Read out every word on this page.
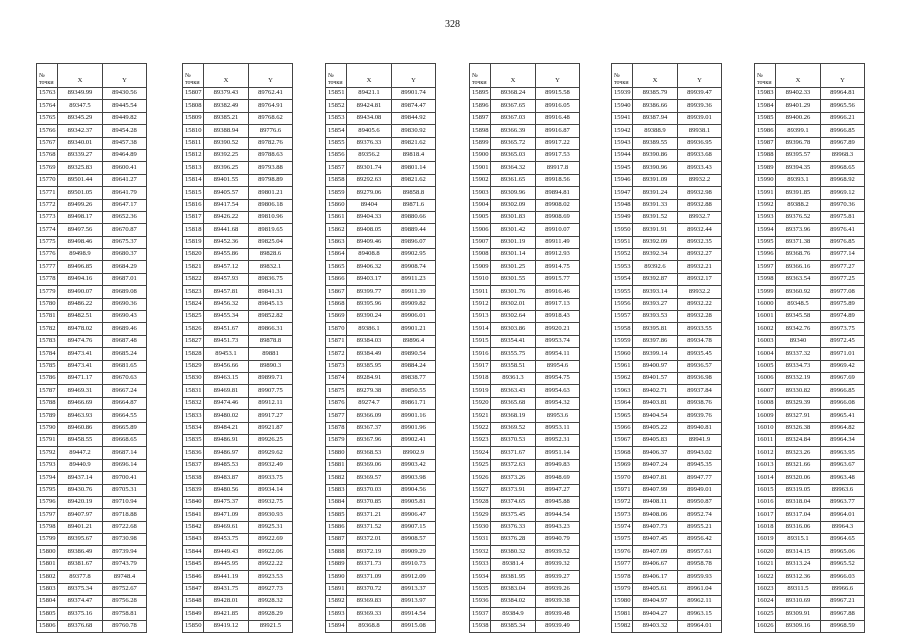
328
№
точки	X	Y

15763	89349.99	89430.56
15764	89347.5	89445.54
15765	89345.29	89449.82
15766	89342.37	89454.28
15767	89340.01	89457.38
15768	89339.27	89464.89
15769	89325.83	89600.41
15770	89501.44	89641.27
15771	89501.05	89641.79
15772	89499.26	89647.17
15773	89498.17	89652.36
15774	89497.56	89670.87
15775	89498.46	89675.37
15776	89498.9	89680.37
15777	89496.85	89684.29
15778	89494.16	89687.01
15779	89490.07	89689.08
15780	89486.22	89690.36
15781	89482.51	89690.43
15782	89478.02	89689.46
15783	89474.76	89687.48
15784	89473.41	89685.24
15785	89473.41	89681.65
15786	89471.17	89670.63
15787	89469.31	89667.24
15788	89466.69	89664.87
15789	89463.93	89664.55
15790	89460.86	89665.89
15791	89458.55	89668.65
15792	89447.2	89687.14
15793	89440.9	89696.14
15794	89437.14	89700.41
15795	89430.76	89705.31
15796	89420.19	89710.94
15797	89407.97	89718.88
15798	89401.21	89722.68
15799	89395.67	89730.98
15800	89386.49	89739.94
15801	89381.67	89743.79
15802	89377.8	89748.4
15803	89375.34	89752.67
15804	89374.47	89756.28
15805	89375.16	89758.81
15806	89376.68	89760.78
№
точки	X	Y

15807	89379.43	89762.41
15808	89382.49	89764.91
15809	89385.21	89768.62
15810	89388.94	89776.6
15811	89390.52	89782.76
15812	89392.25	89788.63
15813	89396.25	89793.88
15814	89401.55	89798.89
15815	89405.57	89801.21
15816	89417.54	89806.18
15817	89426.22	89810.96
15818	89441.68	89819.65
15819	89452.36	89825.04
15820	89455.86	89828.6
15821	89457.12	89832.1
15822	89457.93	89836.75
15823	89457.81	89841.31
15824	89456.32	89845.13
15825	89455.34	89852.82
15826	89451.67	89866.31
15827	89451.73	89878.8
15828	89453.1	89881
15829	89456.66	89890.3
15830	89463.15	89899.71
15831	89469.81	89907.75
15832	89474.46	89912.11
15833	89480.02	89917.27
15834	89484.21	89921.87
15835	89486.91	89926.25
15836	89486.97	89929.62
15837	89485.53	89932.49
15838	89483.87	89933.75
15839	89480.56	89934.14
15840	89475.37	89932.75
15841	89471.09	89930.93
15842	89469.61	89925.31
15843	89453.75	89922.69
15844	89449.43	89922.06
15845	89445.95	89922.22
15846	89441.19	89923.53
15847	89431.75	89927.73
15848	89428.01	89928.32
15849	89421.85	89928.29
15850	89419.12	89921.5
№
точки	X	Y

15851	89421.1	89901.74
15852	89424.81	89874.47
15853	89434.08	89844.92
15854	89405.6	89830.92
15855	89376.33	89821.62
15856	89356.2	89818.4
15857	89301.74	89801.14
15858	89292.63	89821.62
15859	89279.06	89858.8
15860	89404	89871.6
15861	89404.33	89880.66
15862	89408.05	89889.44
15863	89409.46	89896.07
15864	89408.8	89902.95
15865	89406.32	89908.74
15866	89403.17	89911.23
15867	89399.77	89911.39
15868	89395.96	89909.82
15869	89390.24	89906.01
15870	89386.1	89901.21
15871	89384.03	89896.4
15872	89384.49	89890.54
15873	89385.95	89884.24
15874	89284.91	89838.77
15875	89279.38	89850.55
15876	89274.7	89861.71
15877	89366.09	89901.16
15878	89367.37	89901.96
15879	89367.96	89902.41
15880	89368.53	89902.9
15881	89369.06	89903.42
15882	89369.57	89903.98
15883	89370.03	89904.56
15884	89370.85	89905.81
15885	89371.21	89906.47
15886	89371.52	89907.15
15887	89372.01	89908.57
15888	89372.19	89909.29
15889	89371.73	89910.73
15890	89371.09	89912.09
15891	89370.72	89913.37
15892	89369.83	89913.97
15893	89369.33	89914.54
15894	89368.8	89915.08
№
точки	X	Y

15895	89368.24	89915.58
15896	89367.65	89916.05
15897	89367.03	89916.48
15898	89366.39	89916.87
15899	89365.72	89917.22
15900	89365.03	89917.53
15901	89364.32	89917.8
15902	89361.65	89918.56
15903	89309.96	89894.81
15904	89302.09	89908.02
15905	89301.83	89908.69
15906	89301.42	89910.07
15907	89301.19	89911.49
15908	89301.14	89912.93
15909	89301.25	89914.75
15910	89301.55	89915.77
15911	89301.76	89916.46
15912	89302.01	89917.13
15913	89302.64	89918.43
15914	89303.86	89920.21
15915	89354.41	89953.74
15916	89355.75	89954.11
15917	89358.51	89954.6
15918	89361.3	89954.75
15919	89363.43	89954.63
15920	89365.68	89954.32
15921	89368.19	89953.6
15922	89369.52	89953.11
15923	89370.53	89952.31
15924	89371.67	89951.14
15925	89372.63	89949.83
15926	89373.26	89948.69
15927	89373.91	89947.27
15928	89374.65	89945.88
15929	89375.45	89944.54
15930	89376.33	89943.23
15931	89376.28	89940.79
15932	89380.32	89939.52
15933	89381.4	89939.32
15934	89381.95	89939.27
15935	89383.04	89939.26
15936	89384.02	89939.38
15937	89384.9	89939.48
15938	89385.34	89939.49
№
точки	X	Y

15939	89385.79	89939.47
15940	89386.66	89939.36
15941	89387.94	89939.01
15942	89388.9	89938.1
15943	89389.55	89936.95
15944	89390.86	89933.68
15945	89390.96	89933.43
15946	89391.09	89932.2
15947	89391.24	89932.98
15948	89391.33	89932.88
15949	89391.52	89932.7
15950	89391.91	89932.44
15951	89392.09	89932.35
15952	89392.34	89932.27
15953	89392.6	89932.21
15954	89392.87	89932.17
15955	89393.14	89932.2
15956	89393.27	89932.22
15957	89393.53	89932.28
15958	89395.81	89933.55
15959	89397.86	89934.78
15960	89399.14	89935.45
15961	89400.97	89936.57
15962	89401.57	89936.98
15963	89402.71	89937.84
15964	89403.81	89938.76
15965	89404.54	89939.76
15966	89405.22	89940.81
15967	89405.83	89941.9
15968	89406.37	89943.02
15969	89407.24	89945.35
15970	89407.81	89947.77
15971	89407.99	89949.01
15972	89408.11	89950.87
15973	89408.06	89952.74
15974	89407.73	89955.21
15975	89407.45	89956.42
15976	89407.09	89957.61
15977	89406.67	89958.78
15978	89406.17	89959.93
15979	89405.61	89961.04
15980	89404.97	89962.11
15981	89404.27	89963.15
15982	89403.32	89964.01
№
точки	X	Y

15983	89402.33	89964.81
15984	89401.29	89965.56
15985	89400.26	89966.21
15986	89399.1	89966.85
15987	89396.78	89967.89
15988	89395.57	89968.3
15989	89394.35	89968.65
15990	89393.1	89968.92
15991	89391.85	89969.12
15992	89388.2	89970.36
15993	89376.52	89975.81
15994	89373.96	89976.41
15995	89371.38	89976.85
15996	89368.76	89977.14
15997	89366.16	89977.27
15998	89363.54	89977.25
15999	89360.92	89977.08
16000	89348.5	89975.89
16001	89345.58	89974.89
16002	89342.76	89973.75
16003	89340	89972.45
16004	89337.32	89971.01
16005	89334.73	89969.42
16006	89332.19	89967.69
16007	89330.82	89966.85
16008	89329.39	89966.08
16009	89327.91	89965.41
16010	89326.38	89964.82
16011	89324.84	89964.34
16012	89323.26	89963.95
16013	89321.66	89963.67
16014	89320.06	89963.48
16015	89319.05	89963.6
16016	89318.04	89963.77
16017	89317.04	89964.01
16018	89316.06	89964.3
16019	89315.1	89964.65
16020	89314.15	89965.06
16021	89313.24	89965.52
16022	89312.36	89966.03
16023	89311.5	89966.6
16024	89310.69	89967.21
16025	89309.91	89967.88
16026	89309.16	89968.59
